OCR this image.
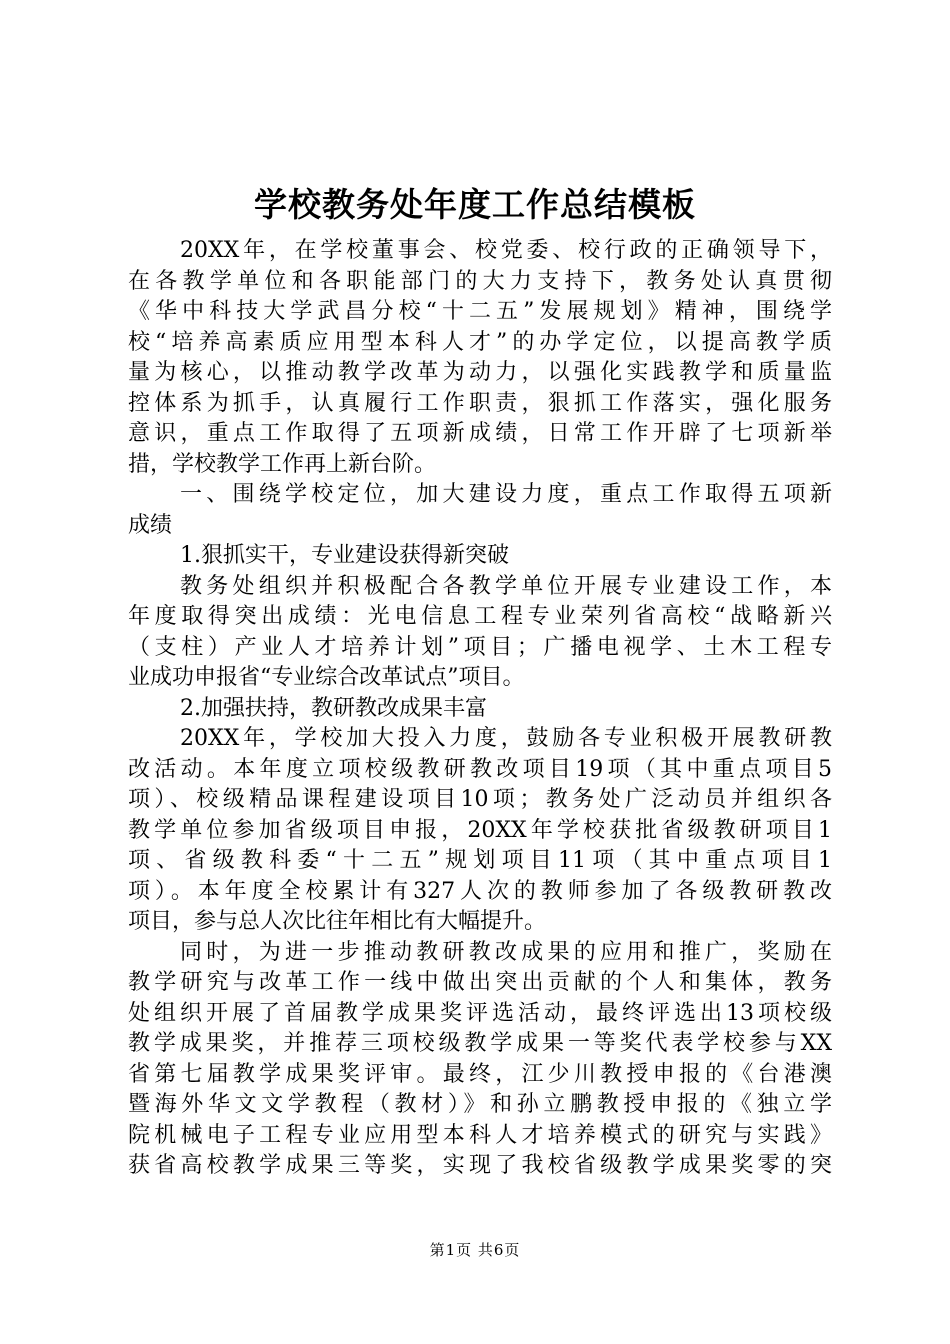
学校教务处年度工作总结模板
20XX年，在学校董事会、校党委、校行政的正确领导下，
在各教学单位和各职能部门的大力支持下，教务处认真贯彻
《华中科技大学武昌分校“十二五”发展规划》精神，围绕学
校“培养高素质应用型本科人才”的办学定位，以提高教学质
量为核心，以推动教学改革为动力，以强化实践教学和质量监
控体系为抓手，认真履行工作职责，狠抓工作落实，强化服务
意识，重点工作取得了五项新成绩，日常工作开辟了七项新举
措，学校教学工作再上新台阶。
一、围绕学校定位，加大建设力度，重点工作取得五项新
成绩
1.狠抓实干，专业建设获得新突破
教务处组织并积极配合各教学单位开展专业建设工作，本
年度取得突出成绩：光电信息工程专业荣列省高校“战略新兴
（支柱）产业人才培养计划”项目；广播电视学、土木工程专
业成功申报省“专业综合改革试点”项目。
2.加强扶持，教研教改成果丰富
20XX年，学校加大投入力度，鼓励各专业积极开展教研教
改活动。本年度立项校级教研教改项目19项（其中重点项目5
项）、校级精品课程建设项目10项；教务处广泛动员并组织各
教学单位参加省级项目申报，20XX年学校获批省级教研项目1
项、省级教科委“十二五”规划项目11项（其中重点项目1
项）。本年度全校累计有327人次的教师参加了各级教研教改
项目，参与总人次比往年相比有大幅提升。
同时，为进一步推动教研教改成果的应用和推广，奖励在
教学研究与改革工作一线中做出突出贡献的个人和集体，教务
处组织开展了首届教学成果奖评选活动，最终评选出13项校级
教学成果奖，并推荐三项校级教学成果一等奖代表学校参与XX
省第七届教学成果奖评审。最终，江少川教授申报的《台港澳
暨海外华文文学教程（教材）》和孙立鹏教授申报的《独立学
院机械电子工程专业应用型本科人才培养模式的研究与实践》
获省高校教学成果三等奖，实现了我校省级教学成果奖零的突
第1页 共6页
